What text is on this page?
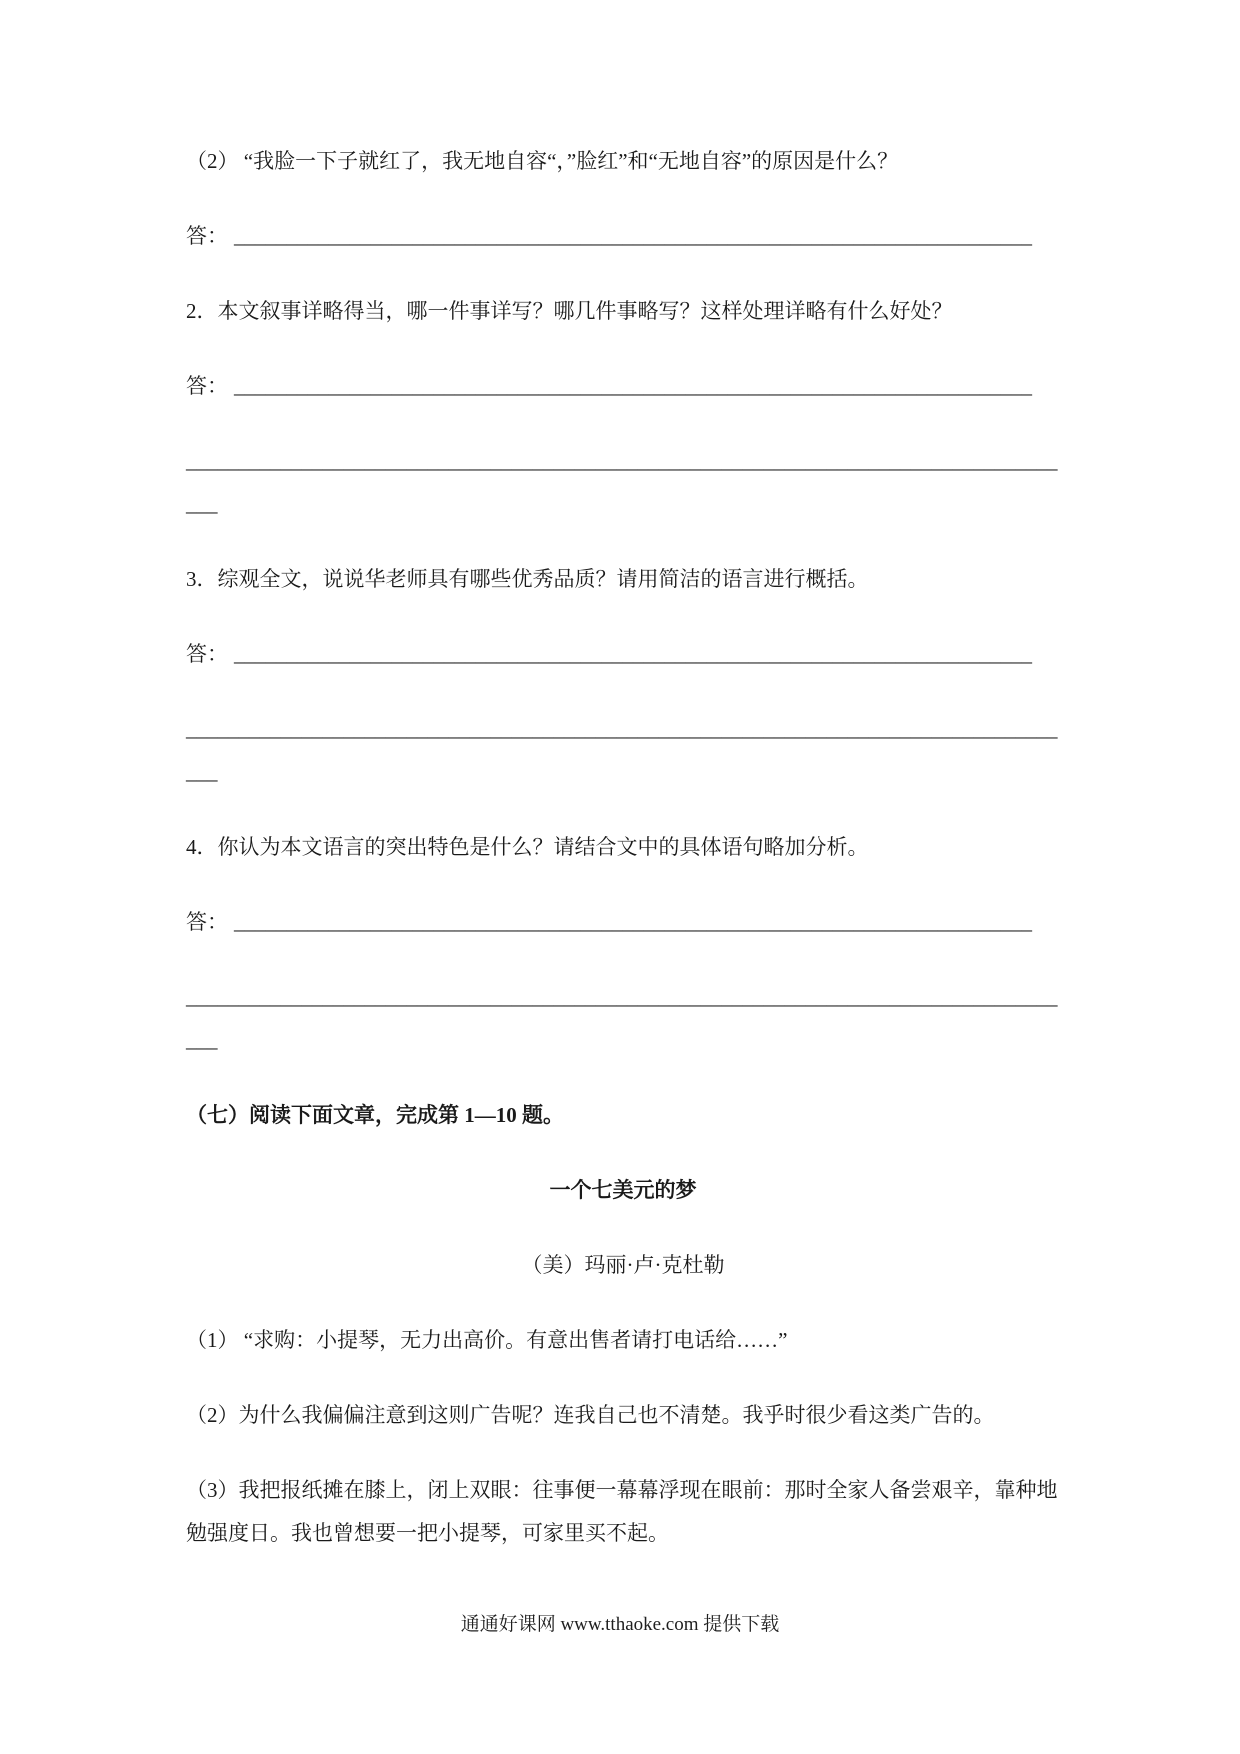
（2） “我脸一下子就红了，我无地自容“，”脸红”和“无地自容”的原因是什么？

答： ____________________________________________________________________________

2．本文叙事详略得当，哪一件事详写？哪几件事略写？这样处理详略有什么好处？

答： ____________________________________________________________________________

___________________________________________________________________________________

___

3．综观全文，说说华老师具有哪些优秀品质？请用简洁的语言进行概括。

答： ____________________________________________________________________________

___________________________________________________________________________________

___

4．你认为本文语言的突出特色是什么？请结合文中的具体语句略加分析。

答： ____________________________________________________________________________

___________________________________________________________________________________

___

（七）阅读下面文章，完成第 1—10 题。

一个七美元的梦

（美）玛丽·卢·克杜勒

（1） “求购：小提琴，无力出高价。有意出售者请打电话给……”

（2）为什么我偏偏注意到这则广告呢？连我自己也不清楚。我乎时很少看这类广告的。

（3）我把报纸摊在膝上，闭上双眼：往事便一幕幕浮现在眼前：那时全家人备尝艰辛，靠种地勉强度日。我也曾想要一把小提琴，可家里买不起。

通通好课网 www.tthaoke.com 提供下载
